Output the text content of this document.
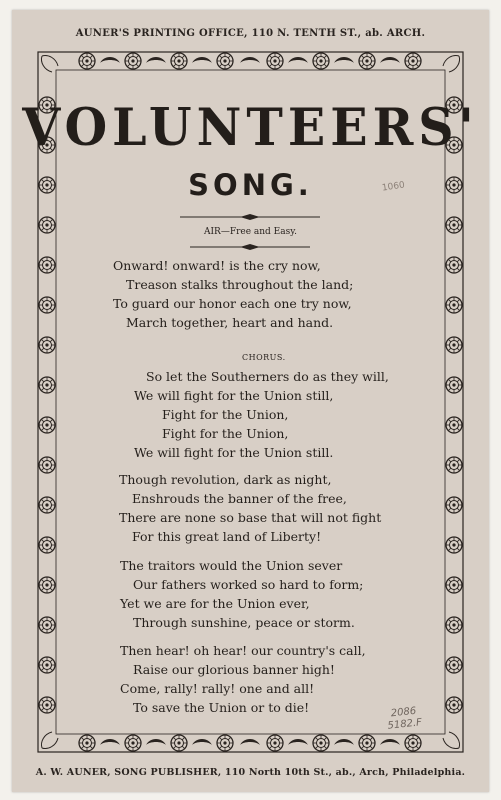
AUNER'S PRINTING OFFICE, 110 N. TENTH ST., ab. ARCH.
VOLUNTEERS'
SONG.	1060
AIR—Free and Easy.
Onward! onward! is the cry now,
Treason stalks throughout the land;
To guard our honor each one try now,
March together, heart and hand.
CHORUS.
So let the Southerners do as they will,
We will fight for the Union still,
Fight for the Union,
Fight for the Union,
We will fight for the Union still.
Though revolution, dark as night,
Enshrouds the banner of the free,
There are none so base that will not fight
For this great land of Liberty!
The traitors would the Union sever
Our fathers worked so hard to form;
Yet we are for the Union ever,
Through sunshine, peace or storm.
Then hear! oh hear! our country's call,
Raise our glorious banner high!
Come, rally! rally! one and all!
To save the Union or to die!	2086
5182.F
A. W. AUNER, SONG PUBLISHER, 110 North 10th St., ab., Arch, Philadelphia.
